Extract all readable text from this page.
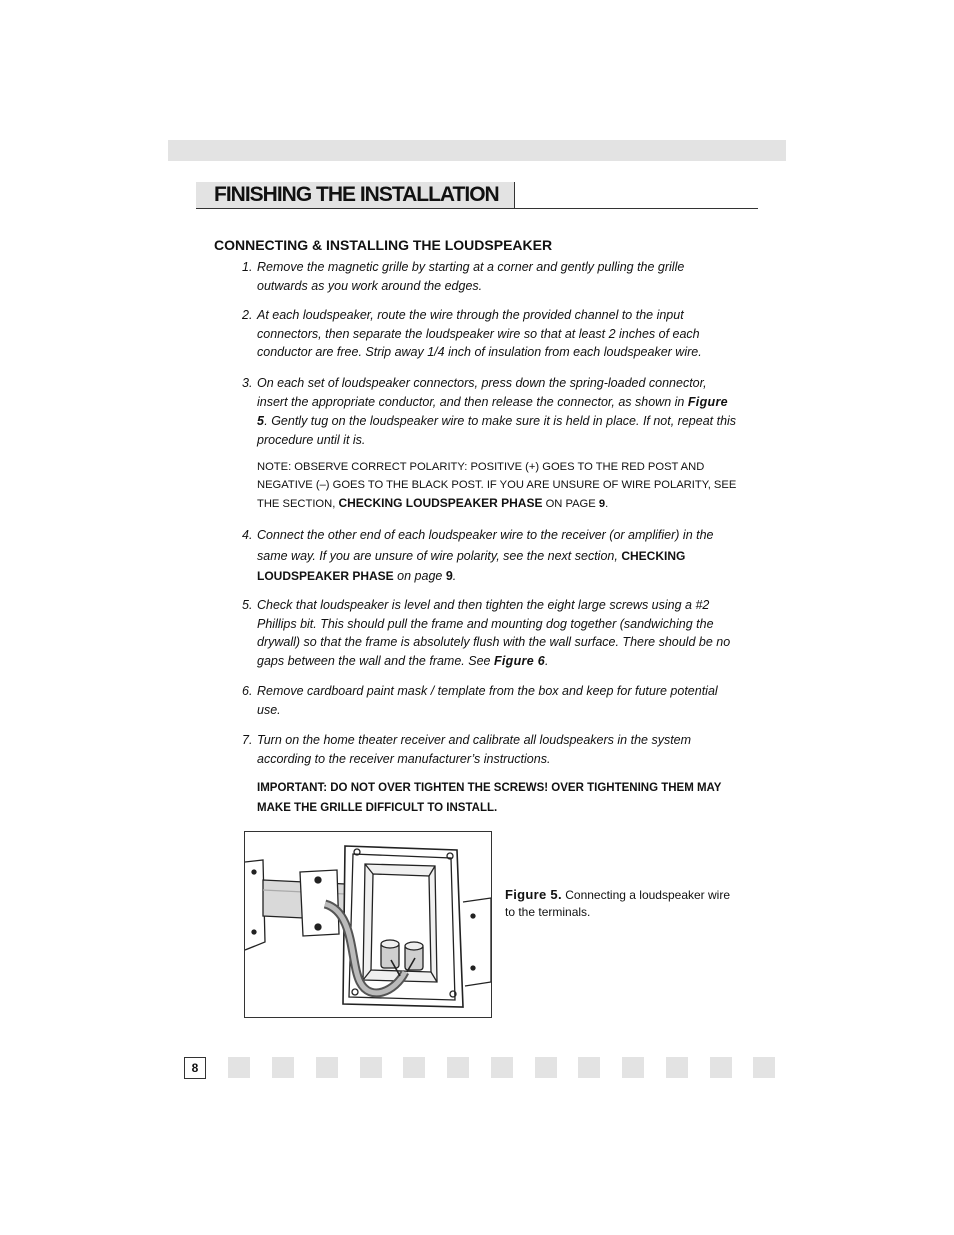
FINISHING THE INSTALLATION
CONNECTING & INSTALLING THE LOUDSPEAKER
1. Remove the magnetic grille by starting at a corner and gently pulling the grille outwards as you work around the edges.
2. At each loudspeaker, route the wire through the provided channel to the input connectors, then separate the loudspeaker wire so that at least 2 inches of each conductor are free. Strip away 1/4 inch of insulation from each loudspeaker wire.
3. On each set of loudspeaker connectors, press down the spring-loaded connector, insert the appropriate conductor, and then release the connector, as shown in Figure 5. Gently tug on the loudspeaker wire to make sure it is held in place. If not, repeat this procedure until it is.
NOTE: OBSERVE CORRECT POLARITY: POSITIVE (+) GOES TO THE RED POST AND NEGATIVE (–) GOES TO THE BLACK POST. IF YOU ARE UNSURE OF WIRE POLARITY, SEE THE SECTION, CHECKING LOUDSPEAKER PHASE ON PAGE 9.
4. Connect the other end of each loudspeaker wire to the receiver (or amplifier) in the same way. If you are unsure of wire polarity, see the next section, CHECKING LOUDSPEAKER PHASE on page 9.
5. Check that loudspeaker is level and then tighten the eight large screws using a #2 Phillips bit. This should pull the frame and mounting dog together (sandwiching the drywall) so that the frame is absolutely flush with the wall surface. There should be no gaps between the wall and the frame. See Figure 6.
6. Remove cardboard paint mask / template from the box and keep for future potential use.
7. Turn on the home theater receiver and calibrate all loudspeakers in the system according to the receiver manufacturer’s instructions.
IMPORTANT: DO NOT OVER TIGHTEN THE SCREWS! OVER TIGHTENING THEM MAY MAKE THE GRILLE DIFFICULT TO INSTALL.
Figure 5. Connecting a loudspeaker wire to the terminals.
8
